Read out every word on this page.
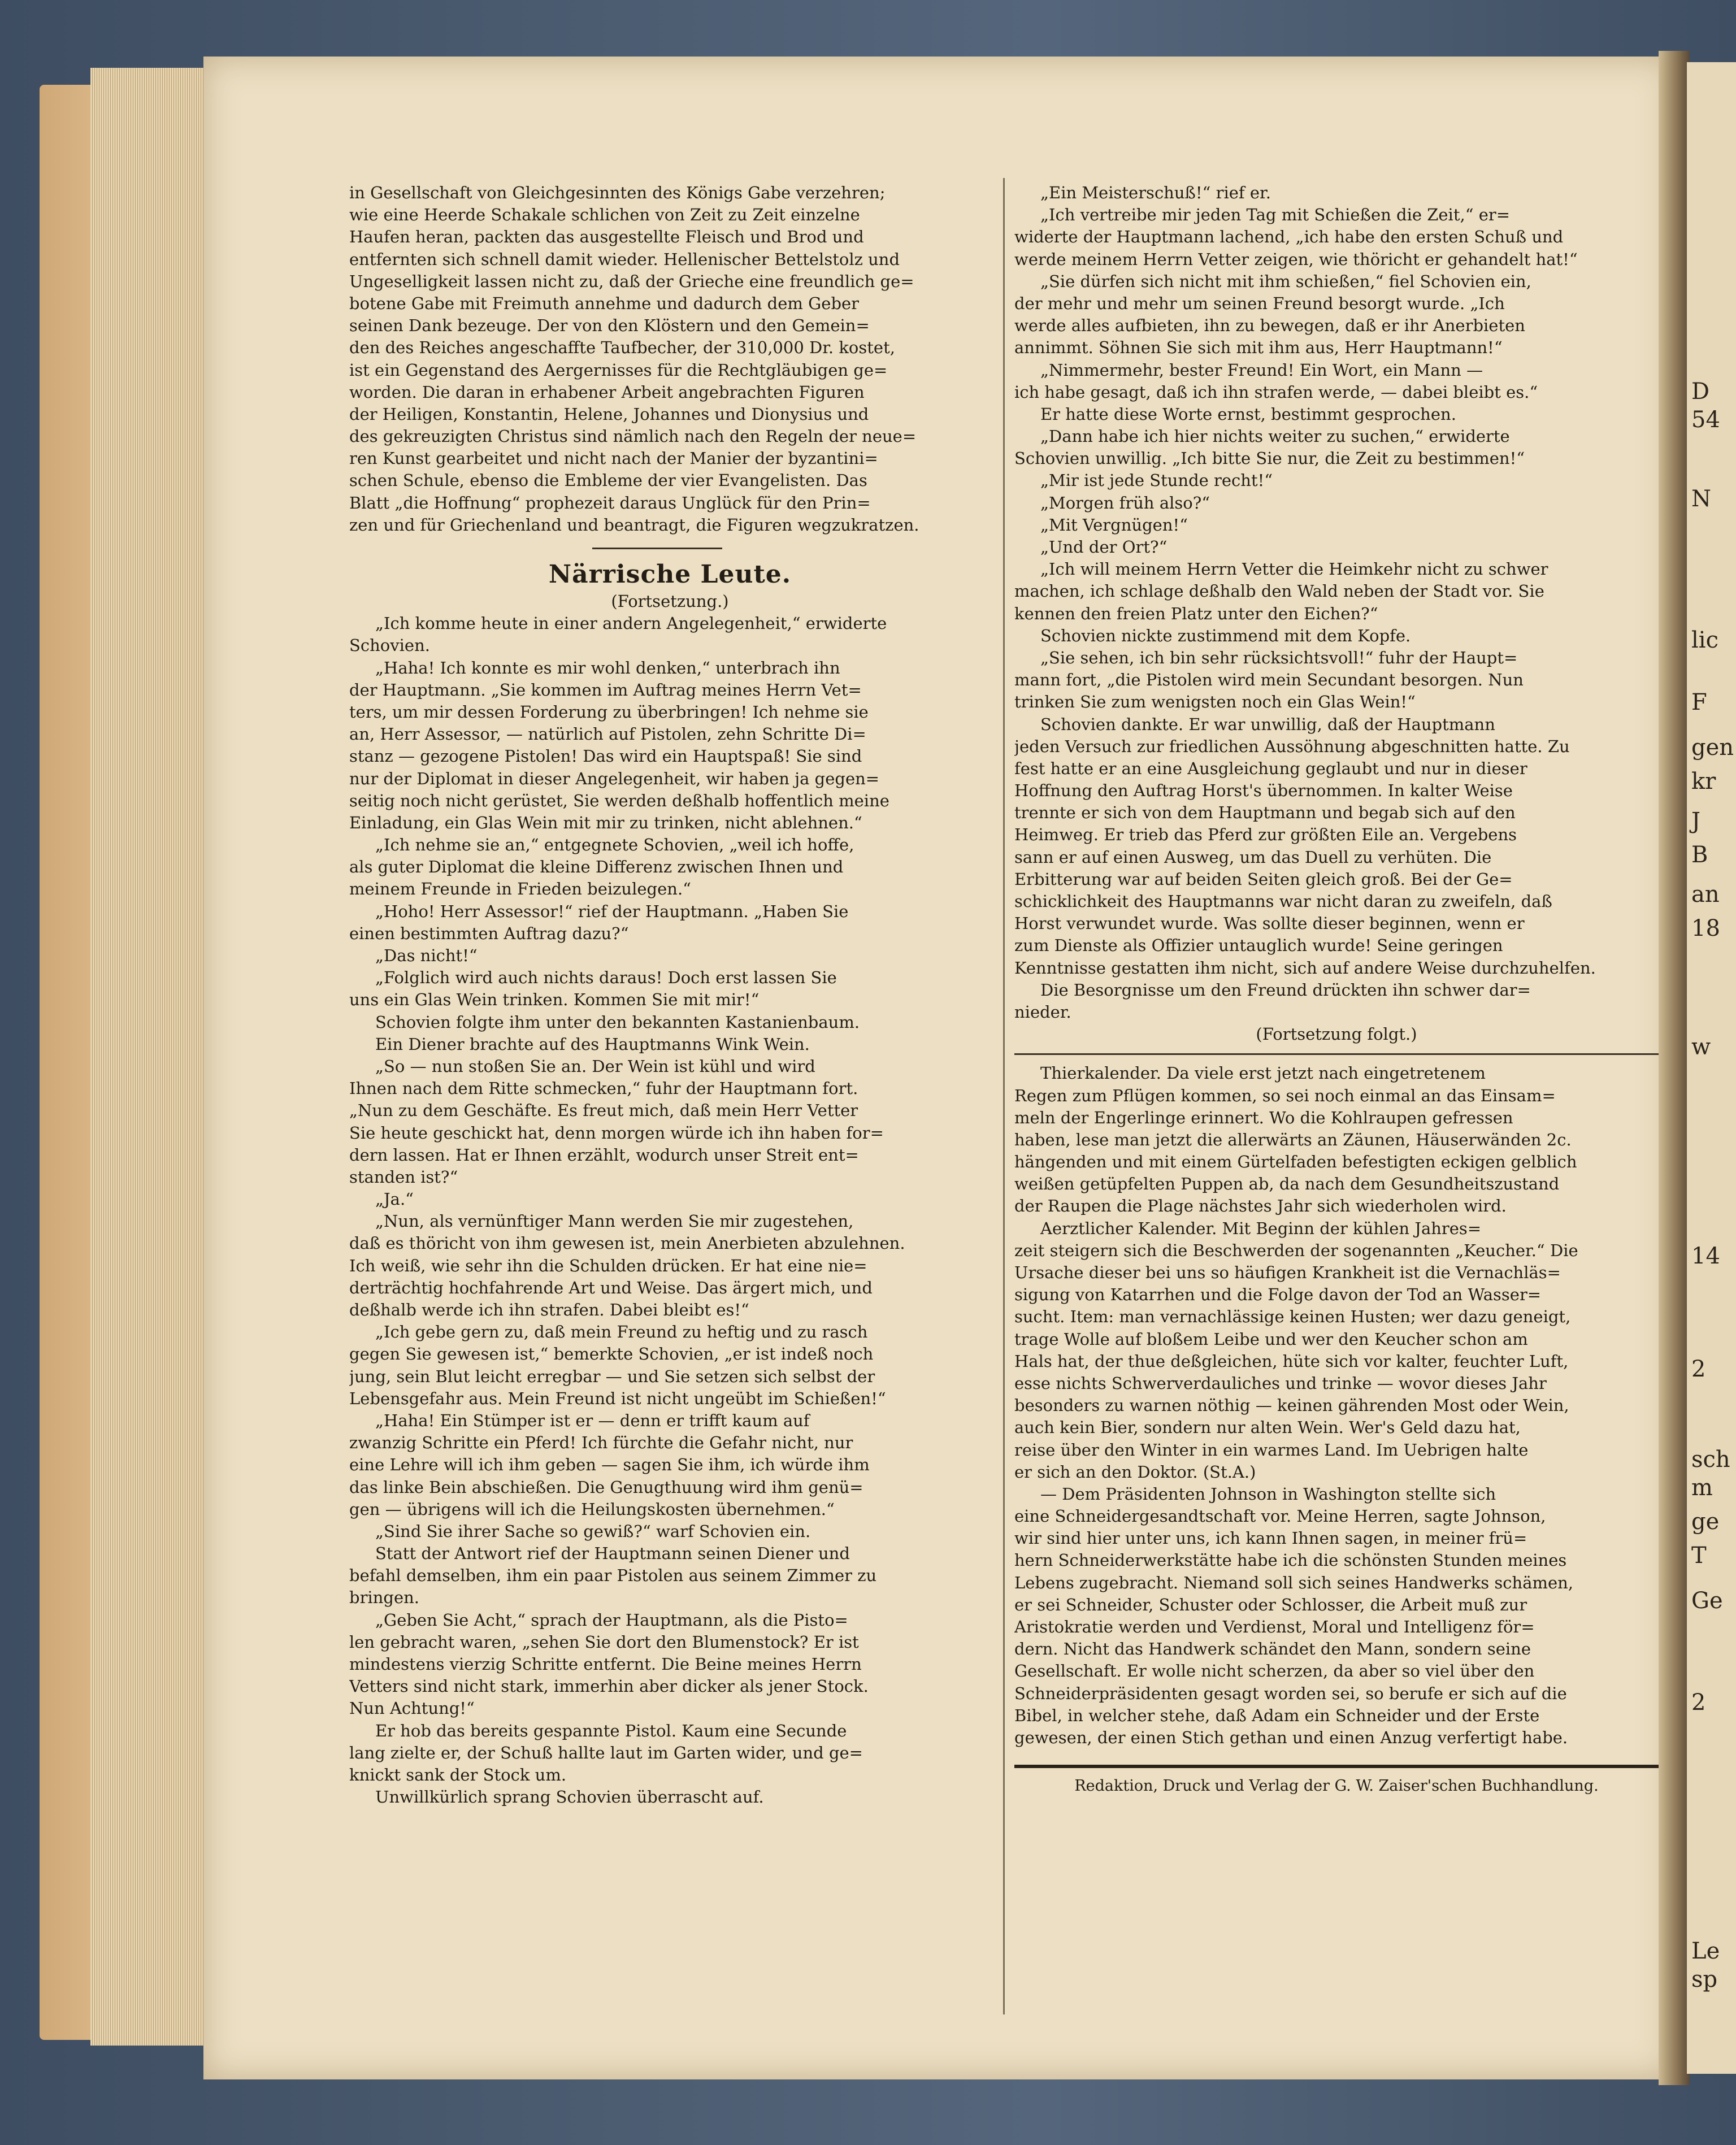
D
54
N
lic
F
gen
kr
J
B
an
18
w
14
2
sch
m
ge
T
Ge
2
Le
sp
in Gesellschaft von Gleichgesinnten des Königs Gabe verzehren;
wie eine Heerde Schakale schlichen von Zeit zu Zeit einzelne
Haufen heran, packten das ausgestellte Fleisch und Brod und
entfernten sich schnell damit wieder. Hellenischer Bettelstolz und
Ungeselligkeit lassen nicht zu, daß der Grieche eine freundlich ge=
botene Gabe mit Freimuth annehme und dadurch dem Geber
seinen Dank bezeuge. Der von den Klöstern und den Gemein=
den des Reiches angeschaffte Taufbecher, der 310,000 Dr. kostet,
ist ein Gegenstand des Aergernisses für die Rechtgläubigen ge=
worden. Die daran in erhabener Arbeit angebrachten Figuren
der Heiligen, Konstantin, Helene, Johannes und Dionysius und
des gekreuzigten Christus sind nämlich nach den Regeln der neue=
ren Kunst gearbeitet und nicht nach der Manier der byzantini=
schen Schule, ebenso die Embleme der vier Evangelisten. Das
Blatt „die Hoffnung“ prophezeit daraus Unglück für den Prin=
zen und für Griechenland und beantragt, die Figuren wegzukratzen.
Närrische Leute.
(Fortsetzung.)
„Ich komme heute in einer andern Angelegenheit,“ erwiderte
Schovien.
„Haha! Ich konnte es mir wohl denken,“ unterbrach ihn
der Hauptmann. „Sie kommen im Auftrag meines Herrn Vet=
ters, um mir dessen Forderung zu überbringen! Ich nehme sie
an, Herr Assessor, — natürlich auf Pistolen, zehn Schritte Di=
stanz — gezogene Pistolen! Das wird ein Hauptspaß! Sie sind
nur der Diplomat in dieser Angelegenheit, wir haben ja gegen=
seitig noch nicht gerüstet, Sie werden deßhalb hoffentlich meine
Einladung, ein Glas Wein mit mir zu trinken, nicht ablehnen.“
„Ich nehme sie an,“ entgegnete Schovien, „weil ich hoffe,
als guter Diplomat die kleine Differenz zwischen Ihnen und
meinem Freunde in Frieden beizulegen.“
„Hoho! Herr Assessor!“ rief der Hauptmann. „Haben Sie
einen bestimmten Auftrag dazu?“
„Das nicht!“
„Folglich wird auch nichts daraus! Doch erst lassen Sie
uns ein Glas Wein trinken. Kommen Sie mit mir!“
Schovien folgte ihm unter den bekannten Kastanienbaum.
Ein Diener brachte auf des Hauptmanns Wink Wein.
„So — nun stoßen Sie an. Der Wein ist kühl und wird
Ihnen nach dem Ritte schmecken,“ fuhr der Hauptmann fort.
„Nun zu dem Geschäfte. Es freut mich, daß mein Herr Vetter
Sie heute geschickt hat, denn morgen würde ich ihn haben for=
dern lassen. Hat er Ihnen erzählt, wodurch unser Streit ent=
standen ist?“
„Ja.“
„Nun, als vernünftiger Mann werden Sie mir zugestehen,
daß es thöricht von ihm gewesen ist, mein Anerbieten abzulehnen.
Ich weiß, wie sehr ihn die Schulden drücken. Er hat eine nie=
derträchtig hochfahrende Art und Weise. Das ärgert mich, und
deßhalb werde ich ihn strafen. Dabei bleibt es!“
„Ich gebe gern zu, daß mein Freund zu heftig und zu rasch
gegen Sie gewesen ist,“ bemerkte Schovien, „er ist indeß noch
jung, sein Blut leicht erregbar — und Sie setzen sich selbst der
Lebensgefahr aus. Mein Freund ist nicht ungeübt im Schießen!“
„Haha! Ein Stümper ist er — denn er trifft kaum auf
zwanzig Schritte ein Pferd! Ich fürchte die Gefahr nicht, nur
eine Lehre will ich ihm geben — sagen Sie ihm, ich würde ihm
das linke Bein abschießen. Die Genugthuung wird ihm genü=
gen — übrigens will ich die Heilungskosten übernehmen.“
„Sind Sie ihrer Sache so gewiß?“ warf Schovien ein.
Statt der Antwort rief der Hauptmann seinen Diener und
befahl demselben, ihm ein paar Pistolen aus seinem Zimmer zu
bringen.
„Geben Sie Acht,“ sprach der Hauptmann, als die Pisto=
len gebracht waren, „sehen Sie dort den Blumenstock? Er ist
mindestens vierzig Schritte entfernt. Die Beine meines Herrn
Vetters sind nicht stark, immerhin aber dicker als jener Stock.
Nun Achtung!“
Er hob das bereits gespannte Pistol. Kaum eine Secunde
lang zielte er, der Schuß hallte laut im Garten wider, und ge=
knickt sank der Stock um.
Unwillkürlich sprang Schovien überrascht auf.
„Ein Meisterschuß!“ rief er.
„Ich vertreibe mir jeden Tag mit Schießen die Zeit,“ er=
widerte der Hauptmann lachend, „ich habe den ersten Schuß und
werde meinem Herrn Vetter zeigen, wie thöricht er gehandelt hat!“
„Sie dürfen sich nicht mit ihm schießen,“ fiel Schovien ein,
der mehr und mehr um seinen Freund besorgt wurde. „Ich
werde alles aufbieten, ihn zu bewegen, daß er ihr Anerbieten
annimmt. Söhnen Sie sich mit ihm aus, Herr Hauptmann!“
„Nimmermehr, bester Freund! Ein Wort, ein Mann —
ich habe gesagt, daß ich ihn strafen werde, — dabei bleibt es.“
Er hatte diese Worte ernst, bestimmt gesprochen.
„Dann habe ich hier nichts weiter zu suchen,“ erwiderte
Schovien unwillig. „Ich bitte Sie nur, die Zeit zu bestimmen!“
„Mir ist jede Stunde recht!“
„Morgen früh also?“
„Mit Vergnügen!“
„Und der Ort?“
„Ich will meinem Herrn Vetter die Heimkehr nicht zu schwer
machen, ich schlage deßhalb den Wald neben der Stadt vor. Sie
kennen den freien Platz unter den Eichen?“
Schovien nickte zustimmend mit dem Kopfe.
„Sie sehen, ich bin sehr rücksichtsvoll!“ fuhr der Haupt=
mann fort, „die Pistolen wird mein Secundant besorgen. Nun
trinken Sie zum wenigsten noch ein Glas Wein!“
Schovien dankte. Er war unwillig, daß der Hauptmann
jeden Versuch zur friedlichen Aussöhnung abgeschnitten hatte. Zu
fest hatte er an eine Ausgleichung geglaubt und nur in dieser
Hoffnung den Auftrag Horst's übernommen. In kalter Weise
trennte er sich von dem Hauptmann und begab sich auf den
Heimweg. Er trieb das Pferd zur größten Eile an. Vergebens
sann er auf einen Ausweg, um das Duell zu verhüten. Die
Erbitterung war auf beiden Seiten gleich groß. Bei der Ge=
schicklichkeit des Hauptmanns war nicht daran zu zweifeln, daß
Horst verwundet wurde. Was sollte dieser beginnen, wenn er
zum Dienste als Offizier untauglich wurde! Seine geringen
Kenntnisse gestatten ihm nicht, sich auf andere Weise durchzuhelfen.
Die Besorgnisse um den Freund drückten ihn schwer dar=
nieder.
(Fortsetzung folgt.)
Thierkalender. Da viele erst jetzt nach eingetretenem
Regen zum Pflügen kommen, so sei noch einmal an das Einsam=
meln der Engerlinge erinnert. Wo die Kohlraupen gefressen
haben, lese man jetzt die allerwärts an Zäunen, Häuserwänden 2c.
hängenden und mit einem Gürtelfaden befestigten eckigen gelblich
weißen getüpfelten Puppen ab, da nach dem Gesundheitszustand
der Raupen die Plage nächstes Jahr sich wiederholen wird.
Aerztlicher Kalender. Mit Beginn der kühlen Jahres=
zeit steigern sich die Beschwerden der sogenannten „Keucher.“ Die
Ursache dieser bei uns so häufigen Krankheit ist die Vernachläs=
sigung von Katarrhen und die Folge davon der Tod an Wasser=
sucht. Item: man vernachlässige keinen Husten; wer dazu geneigt,
trage Wolle auf bloßem Leibe und wer den Keucher schon am
Hals hat, der thue deßgleichen, hüte sich vor kalter, feuchter Luft,
esse nichts Schwerverdauliches und trinke — wovor dieses Jahr
besonders zu warnen nöthig — keinen gährenden Most oder Wein,
auch kein Bier, sondern nur alten Wein. Wer's Geld dazu hat,
reise über den Winter in ein warmes Land. Im Uebrigen halte
er sich an den Doktor. (St.A.)
— Dem Präsidenten Johnson in Washington stellte sich
eine Schneidergesandtschaft vor. Meine Herren, sagte Johnson,
wir sind hier unter uns, ich kann Ihnen sagen, in meiner frü=
hern Schneiderwerkstätte habe ich die schönsten Stunden meines
Lebens zugebracht. Niemand soll sich seines Handwerks schämen,
er sei Schneider, Schuster oder Schlosser, die Arbeit muß zur
Aristokratie werden und Verdienst, Moral und Intelligenz för=
dern. Nicht das Handwerk schändet den Mann, sondern seine
Gesellschaft. Er wolle nicht scherzen, da aber so viel über den
Schneiderpräsidenten gesagt worden sei, so berufe er sich auf die
Bibel, in welcher stehe, daß Adam ein Schneider und der Erste
gewesen, der einen Stich gethan und einen Anzug verfertigt habe.
Redaktion, Druck und Verlag der G. W. Zaiser'schen Buchhandlung.
